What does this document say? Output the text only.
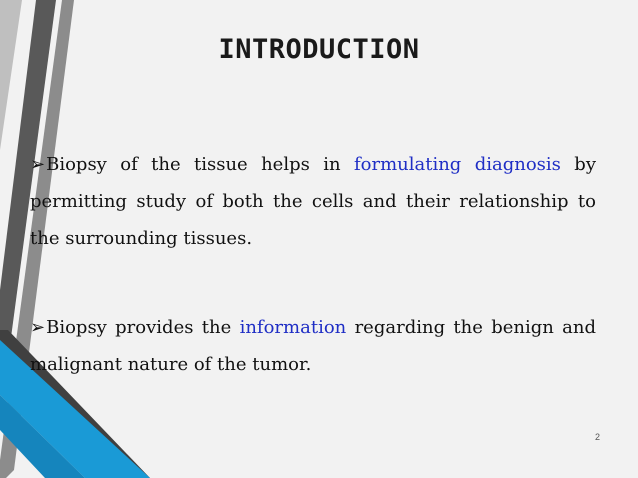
INTRODUCTION
➢Biopsy of the tissue helps in formulating diagnosis by permitting study of both the cells and their relationship to the surrounding tissues.
➢Biopsy provides the information regarding the benign and malignant nature of the tumor.
2
